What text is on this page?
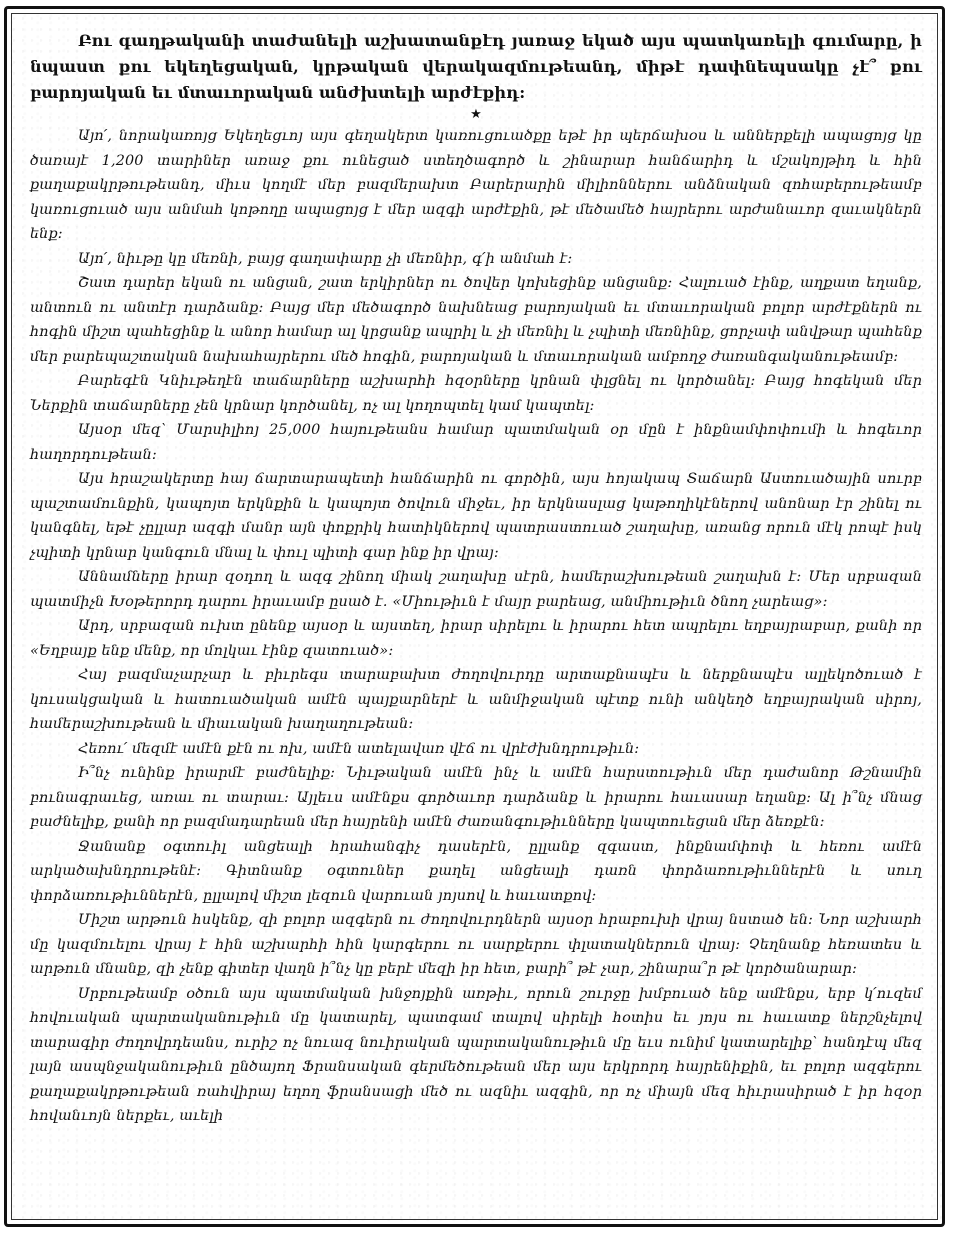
Բու գաղթականի տաժանելի աշխատանքէդ յառաջ եկած այս պատկառելի գումարը, ի նպաստ քու եկեղեցական, կրթական վերակազմութեանդ, միթէ դափնեպսակը չէ՞ քու բարոյական եւ մտաւորական անժխտելի արժէքիդ:

★

Այո՛, նորակառոյց Եկեղեցւոյ այս գեղակերտ կառուցուածքը եթէ իր պերճախօս և աններքելի ապացոյց կը ծառայէ 1,200 տարիներ առաջ քու ունեցած ստեղծագործ և շինարար հանճարիդ և մշակոյթիդ և հին քաղաքակրթութեանդ, միւս կողմէ մեր բազմերախտ Բարերարին միլիոններու անձնական զոհաբերութեամբ կառուցուած այս անմահ կոթողը ապացոյց է մեր ազգի արժէքին, թէ մեծամեծ հայրերու արժանաւոր զաւակներն ենք:

Այո՛, նիւթը կը մեռնի, բայց գաղափարը չի մեռնիր, գ՛ի անմահ է:

Շատ դարեր եկան ու անցան, շատ երկիրներ ու ծովեր կոխեցինք անցանք: Հալուած էինք, աղքատ եղանք, անտուն ու անտէր դարձանք: Բայց մեր մեծագործ նախնեաց բարոյական եւ մտաւորական բոլոր արժէքներն ու հոգին միշտ պահեցինք և անոր համար ալ կրցանք ապրիլ և չի մեռնիլ և չպիտի մեռնինք, ցորչափ անվթար պահենք մեր բարեպաշտական նախահայրերու մեծ հոգին, բարոյական և մտաւորական ամբողջ ժառանգականութեամբ:

Բարեգէն Կնիւթեղէն տաճարները աշխարհի հզօրները կրնան փլցնել ու կործանել: Բայց հոգեկան մեր Ներքին տաճարները չեն կրնար կործանել, ոչ ալ կողոպտել կամ կապտել:

Այսօր մեզ՝ Մարսիլիոյ 25,000 հայութեանս համար պատմական օր մըն է ինքնամփոփումի և հոգեւոր հաղորդութեան:

Այս հրաշակերտը հայ ճարտարապետի հանճարին ու գործին, այս հոյակապ Տաճարն Աստուածային սուրբ պաշտամունքին, կապոյտ երկնքին և կապոյտ ծովուն միջեւ, իր երկնասլաց կաթողիկէներով անոնար էր շինել ու կանգնել, եթէ չըլլար ազգի մանր այն փոքրիկ հատիկներով պատրաստուած շաղախը, առանց որուն մէկ րոպէ իսկ չպիտի կրնար կանգուն մնալ և փուլ պիտի գար ինք իր վրայ:

Աննամները իրար զօդող և ազգ շինող միակ շաղախը սէրն, համերաշխութեան շաղախն է: Մեր սրբազան պատմիչն Խօթերորդ դարու իրաւամբ ըսած է. «Միութիւն է մայր բարեաց, անմիութիւն ծնող չարեաց»:

Արդ, սրբազան ուխտ ընենք այսօր և այստեղ, իրար սիրելու և իրարու հետ ապրելու եղբայրաբար, քանի որ «Եղբայք ենք մենք, որ մոլկաւ էինք զատուած»:

Հայ բազմաչարչար և բիւրեգս տարաբախտ ժողովուրդը արտաքնապէս և ներքնապէս ալլեկոծուած է կուսակցական և հատուածական ամէն պայքարներէ և անմիջական պէտք ունի անկեղծ եղբայրական սիրոյ, համերաշխութեան և միաւական խաղաղութեան:

Հեռու՛ մեզմէ ամէն քէն ու ոխ, ամէն ատելավառ վէճ ու վրէժխնդրութիւն:

Ի՞նչ ունինք իրարմէ բաժնելիք: Նիւթական ամէն ինչ և ամէն հարստութիւն մեր դաժանոր Թշնամին բունագրաւեց, առաւ ու տարաւ: Այլեւս ամէնքս գործաւոր դարձանք և իրարու հաւասար եղանք: Ալ ի՞նչ մնաց բաժնելիք, քանի որ բազմադարեան մեր հայրենի ամէն ժառանգութիւնները կապտուեցան մեր ձեռքէն:

Ջանանք օգտուիլ անցեալի հրահանգիչ դասերէն, ըլլանք զգաստ, ինքնամփոփ և հեռու ամէն արկածախնդրութենէ: Գիտնանք օգտուներ քաղել անցեալի դառն փորձառութիւններէն և սուղ փորձառութիւններէն, ըլլալով միշտ լեզուն վարուան յոյսով և հաւատքով:

Միշտ արթուն հսկենք, զի բոլոր ազգերն ու ժողովուրդներն այսօր հրաբուխի վրայ նստած են: Նոր աշխարհ մը կազմուելու վրայ է հին աշխարհի հին կարգերու ու սարքերու փլատակներուն վրայ: Չեղնանք հեռատես և արթուն մնանք, զի չենք գիտեր վաղն ի՞նչ կը բերէ մեզի իր հետ, բարի՞ թէ չար, շինարա՞ր թէ կործանարար:

Սրբութեամբ օծուն այս պատմական խնջոյքին առթիւ, որուն շուրջը խմբուած ենք ամէնքս, երբ կ՛ուզեմ հովուական պարտականութիւն մը կատարել, պատգամ տալով սիրելի հօտիս եւ յոյս ու հաւատք ներշնչելով տարագիր ժողովրդեանս, ուրիշ ոչ նուազ նուիրական պարտականութիւն մը եւս ունիմ կատարելիք՝ հանդէպ մեզ լայն ասպնջականութիւն ընծայող Ֆրանսական գերմեծութեան մեր այս երկրորդ հայրենիքին, եւ բոլոր ազգերու քաղաքակրթութեան ռահվիրայ եղող ֆրանսացի մեծ ու ազնիւ ազգին, որ ոչ միայն մեզ հիւրասիրած է իր հզօր հովանւոյն ներքեւ, աւելի
